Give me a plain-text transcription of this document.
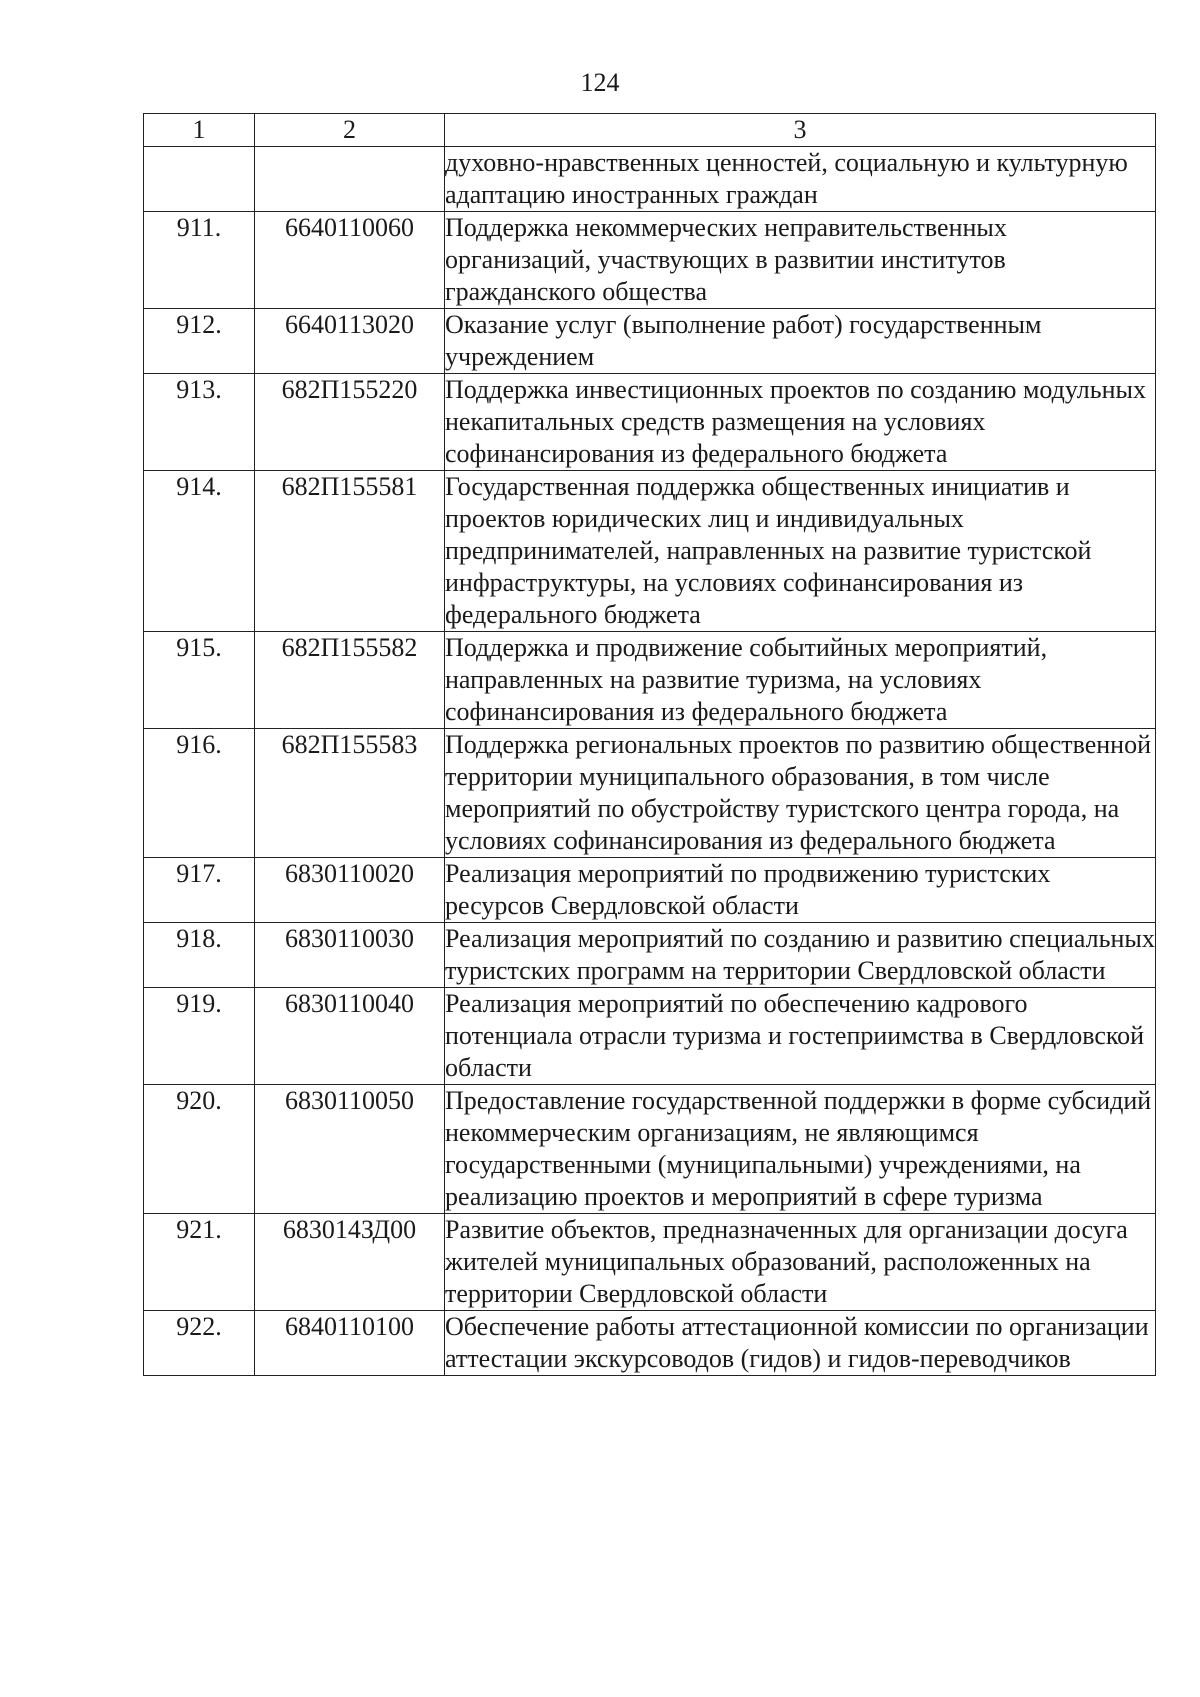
124
1	2	3
		духовно-нравственных ценностей, социальную и культурную адаптацию иностранных граждан
911.	6640110060	Поддержка некоммерческих неправительственных организаций, участвующих в развитии институтов гражданского общества
912.	6640113020	Оказание услуг (выполнение работ) государственным учреждением
913.	682П155220	Поддержка инвестиционных проектов по созданию модульных некапитальных средств размещения на условиях софинансирования из федерального бюджета
914.	682П155581	Государственная поддержка общественных инициатив и проектов юридических лиц и индивидуальных предпринимателей, направленных на развитие туристской инфраструктуры, на условиях софинансирования из федерального бюджета
915.	682П155582	Поддержка и продвижение событийных мероприятий, направленных на развитие туризма, на условиях софинансирования из федерального бюджета
916.	682П155583	Поддержка региональных проектов по развитию общественной территории муниципального образования, в том числе мероприятий по обустройству туристского центра города, на условиях софинансирования из федерального бюджета
917.	6830110020	Реализация мероприятий по продвижению туристских ресурсов Свердловской области
918.	6830110030	Реализация мероприятий по созданию и развитию специальных туристских программ на территории Свердловской области
919.	6830110040	Реализация мероприятий по обеспечению кадрового потенциала отрасли туризма и гостеприимства в Свердловской области
920.	6830110050	Предоставление государственной поддержки в форме субсидий некоммерческим организациям, не являющимся государственными (муниципальными) учреждениями, на реализацию проектов и мероприятий в сфере туризма
921.	683014ЗД00	Развитие объектов, предназначенных для организации досуга жителей муниципальных образований, расположенных на территории Свердловской области
922.	6840110100	Обеспечение работы аттестационной комиссии по организации аттестации экскурсоводов (гидов) и гидов-переводчиков
